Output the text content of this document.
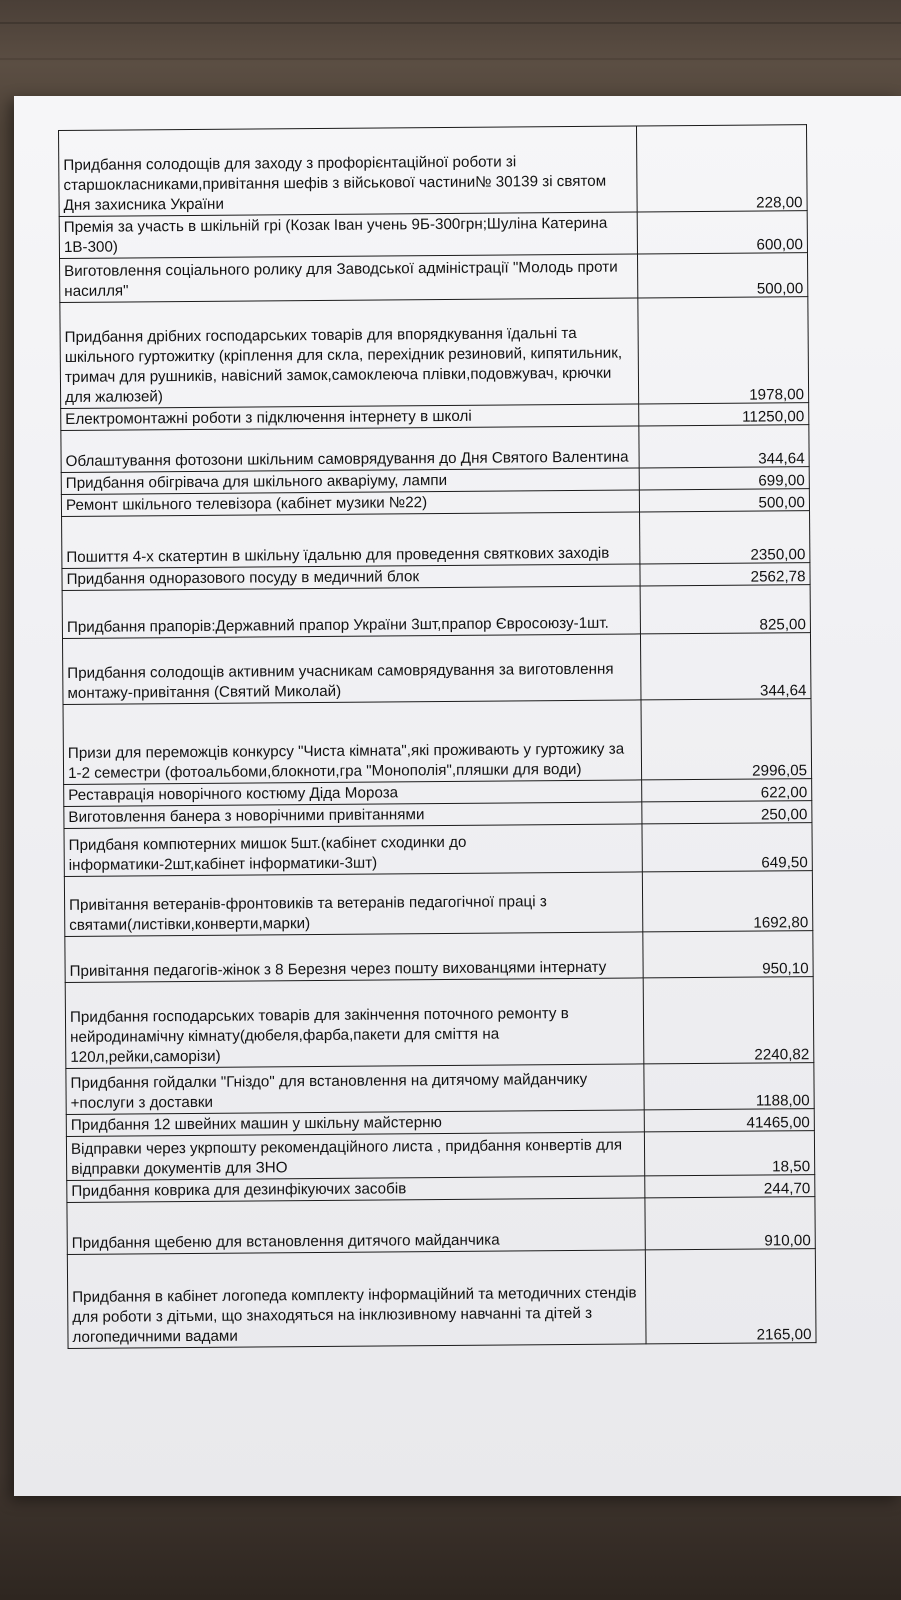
Придбання солодощів для заходу з профорієнтаційної роботи зі старшокласниками,привітання шефів з військової частини№ 30139 зі святом Дня захисника України	228,00
Премія за участь в шкільній грі (Козак Іван учень 9Б-300грн;Шуліна Катерина 1В-300)	600,00
Виготовлення соціального ролику для Заводської адміністрації "Молодь проти насилля"	500,00
Придбання дрібних господарських товарів для впорядкування їдальні та шкільного гуртожитку (кріплення для скла, перехідник резиновий, кипятильник, тримач для рушників, навісний замок,самоклеюча плівки,подовжувач, крючки для жалюзей)	1978,00
Електромонтажні роботи з підключення інтернету в школі	11250,00
Облаштування фотозони шкільним самоврядування до Дня Святого Валентина	344,64
Придбання обігрівача для шкільного акваріуму, лампи	699,00
Ремонт шкільного телевізора (кабінет музики №22)	500,00
Пошиття 4-х скатертин в шкільну їдальню для проведення святкових заходів	2350,00
Придбання одноразового посуду в медичний блок	2562,78
Придбання прапорів:Державний прапор України 3шт,прапор Євросоюзу-1шт.	825,00
Придбання солодощів активним учасникам самоврядування за виготовлення монтажу-привітання (Святий Миколай)	344,64
Призи для переможців конкурсу "Чиста кімната",які проживають у гуртожику за 1-2 семестри (фотоальбоми,блокноти,гра "Монополія",пляшки для води)	2996,05
Реставрація новорічного костюму Діда Мороза	622,00
Виготовлення банера з новорічними привітаннями	250,00
Придбаня компютерних мишок 5шт.(кабінет сходинки до інформатики-2шт,кабінет інформатики-3шт)	649,50
Привітання ветеранів-фронтовиків та ветеранів педагогічної праці з святами(листівки,конверти,марки)	1692,80
Привітання педагогів-жінок з 8 Березня через пошту вихованцями інтернату	950,10
Придбання господарських товарів для закінчення поточного ремонту в нейродинамічну кімнату(дюбеля,фарба,пакети для сміття на 120л,рейки,саморізи)	2240,82
Придбання гойдалки "Гніздо" для встановлення на дитячому майданчику +послуги з доставки	1188,00
Придбання 12 швейних машин у шкільну майстерню	41465,00
Відправки через укрпошту рекомендаційного листа , придбання конвертів для відправки документів для ЗНО	18,50
Придбання коврика для дезинфікуючих засобів	244,70
Придбання щебеню для встановлення дитячого майданчика	910,00
Придбання в кабінет логопеда комплекту інформаційний та методичних стендів для роботи з дітьми, що знаходяться на інклюзивному навчанні та дітей з логопедичними вадами	2165,00
